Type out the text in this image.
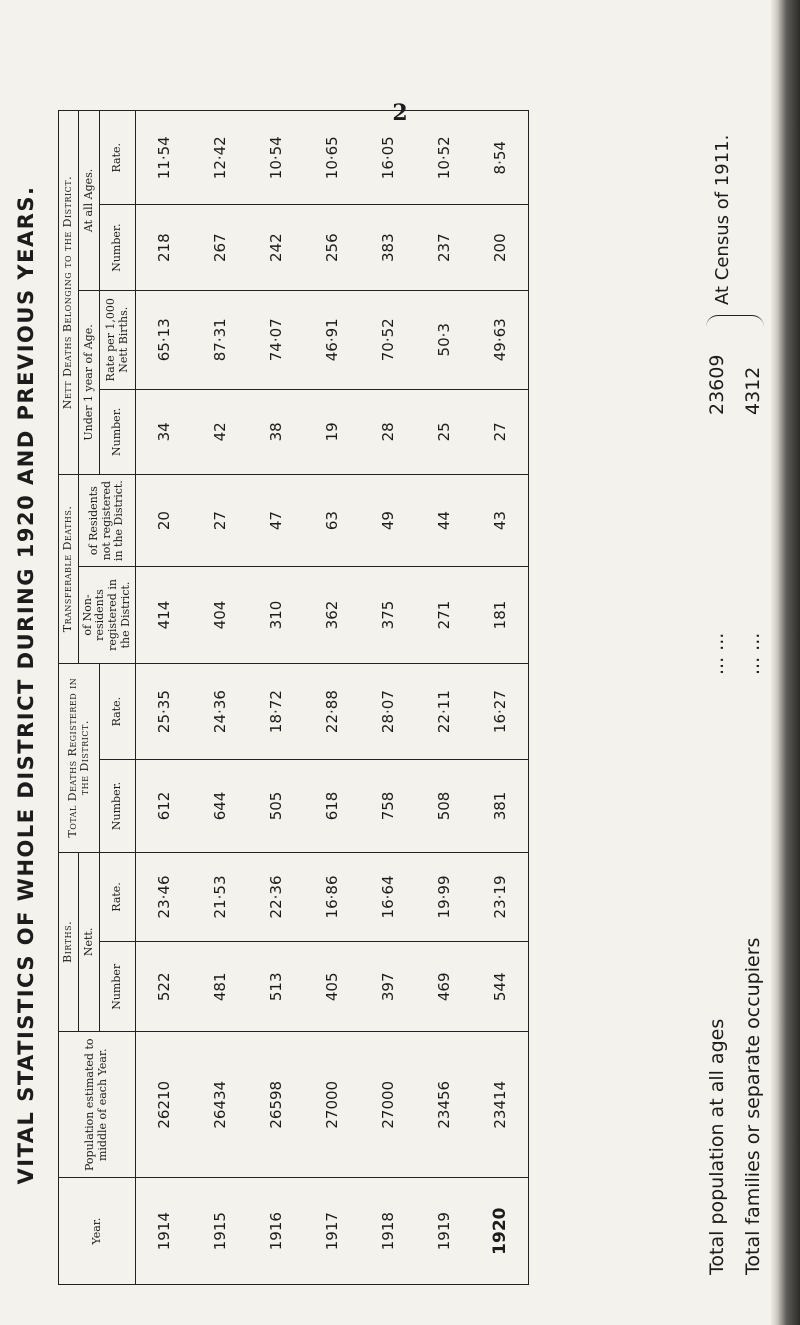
2
VITAL STATISTICS OF WHOLE DISTRICT DURING 1920 AND PREVIOUS YEARS.
Year.	Population estimated to middle of each Year.	Births.		Total Deaths Registered in the District.		Transferable Deaths.		Nett Deaths Belonging to the District.			
		Nett.				of Non-residents registered in the District.	of Residents not registered in the District.	Under 1 year of Age.		At all Ages.	
		Number	Rate.	Number.	Rate.			Number.	Rate per 1,000 Nett Births.	Number.	Rate.
1914	26210	522	23·46	612	25·35	414	20	34	65·13	218	11·54
1915	26434	481	21·53	644	24·36	404	27	42	87·31	267	12·42
1916	26598	513	22·36	505	18·72	310	47	38	74·07	242	10·54
1917	27000	405	16·86	618	22·88	362	63	19	46·91	256	10·65
1918	27000	397	16·64	758	28·07	375	49	28	70·52	383	16·05
1919	23456	469	19·99	508	22·11	271	44	25	50·3	237	10·52
1920	23414	544	23·19	381	16·27	181	43	27	49·63	200	8·54
Total population at all ages
... ...
23609
Total families or separate occupiers
... ...
4312
At Census of 1911.
